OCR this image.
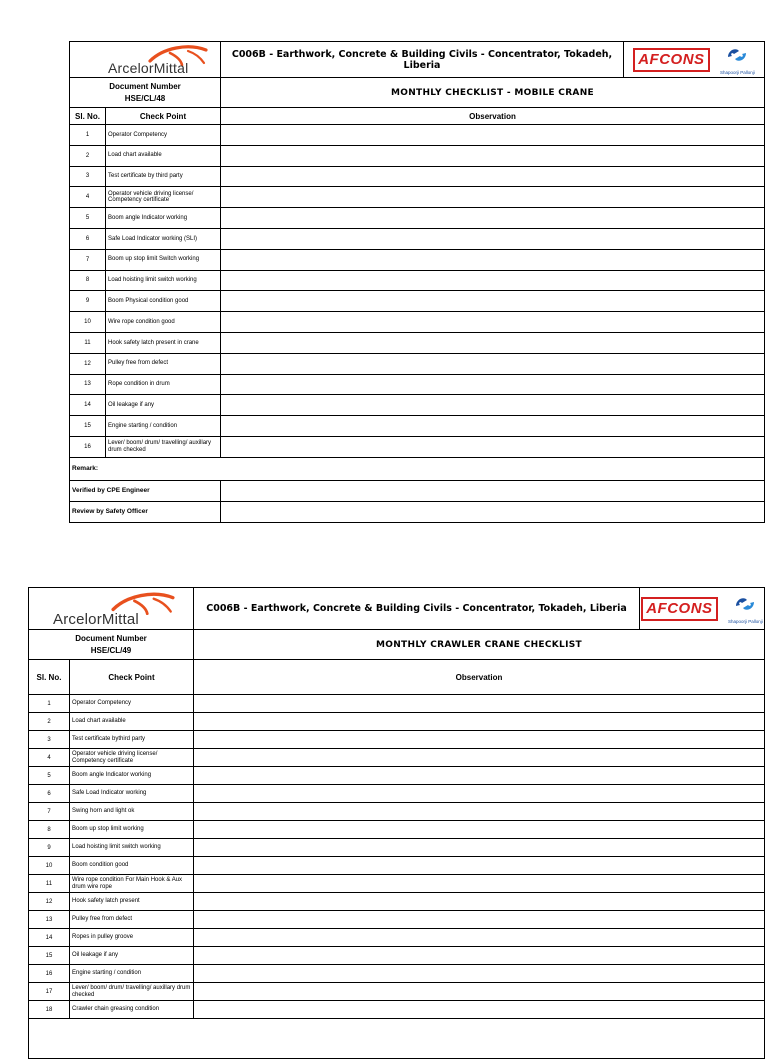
ArcelorMittal		C006B - Earthwork, Concrete & Building Civils - Concentrator, Tokadeh, Liberia	AFCONS
Shapoorji Pallonji

Document Number
HSE/CL/48		MONTHLY CHECKLIST - MOBILE CRANE	
Sl. No.	Check Point	Observation	
1	Operator Competency		
2	Load chart available		
3	Test certificate by third party		
4	Operator vehicle driving license/ Competency certificate		
5	Boom angle Indicator working		
6	Safe Load Indicator working (SLI)		
7	Boom up stop limit Switch working		
8	Load hoisting limit switch working		
9	Boom Physical condition good		
10	Wire rope condition good		
11	Hook safety latch present in crane		
12	Pulley free from defect		
13	Rope condition in drum		
14	Oil leakage if any		
15	Engine starting / condition		
16	Lever/ boom/ drum/ travelling/ auxillary drum checked		
Remark:			
Verified by CPE Engineer			
Review by Safety Officer			
ArcelorMittal		C006B - Earthwork, Concrete & Building Civils - Concentrator, Tokadeh, Liberia	AFCONS
Shapoorji Pallonji

Document Number
HSE/CL/49		MONTHLY CRAWLER CRANE CHECKLIST	
Sl. No.	Check Point	Observation	
1	Operator Competency		
2	Load chart available		
3	Test certificate bythird party		
4	Operator vehicle driving license/ Competency certificate		
5	Boom angle Indicator working		
6	Safe Load Indicator working		
7	Swing horn and light ok		
8	Boom up stop limit working		
9	Load hoisting limit switch working		
10	Boom condition good		
11	Wire rope condition For Main Hook & Aux drum wire rope		
12	Hook safety latch present		
13	Pulley free from defect		
14	Ropes in pulley groove		
15	Oil leakage if any		
16	Engine starting / condition		
17	Lever/ boom/ drum/ travelling/ auxillary drum checked		
18	Crawler chain greasing condition		
